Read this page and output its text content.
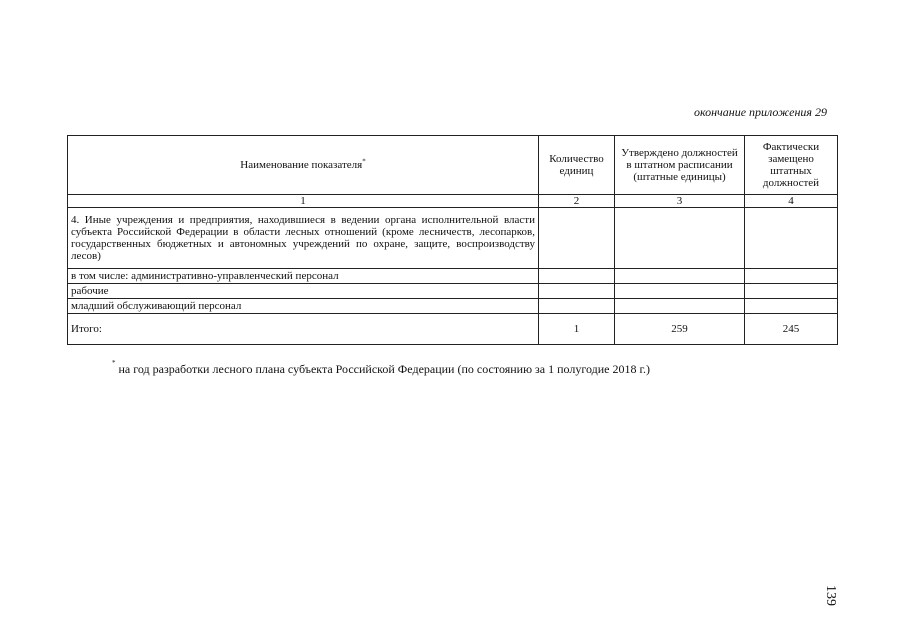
окончание приложения 29
Наименование показателя*	Количество единиц	Утверждено должностей в штатном расписании (штатные единицы)	Фактически замещено штатных должностей
1	2	3	4
4. Иные учреждения и предприятия, находившиеся в ведении органа исполнительной власти субъекта Российской Федерации в области лесных отношений (кроме лесничеств, лесопарков, государственных бюджетных и автономных учреждений по охране, защите, воспроизводству лесов)			
в том числе: административно-управленческий персонал			
рабочие			
младший обслуживающий персонал			
Итого:	1	259	245
* на год разработки лесного плана субъекта Российской Федерации (по состоянию за 1 полугодие 2018 г.)
139
